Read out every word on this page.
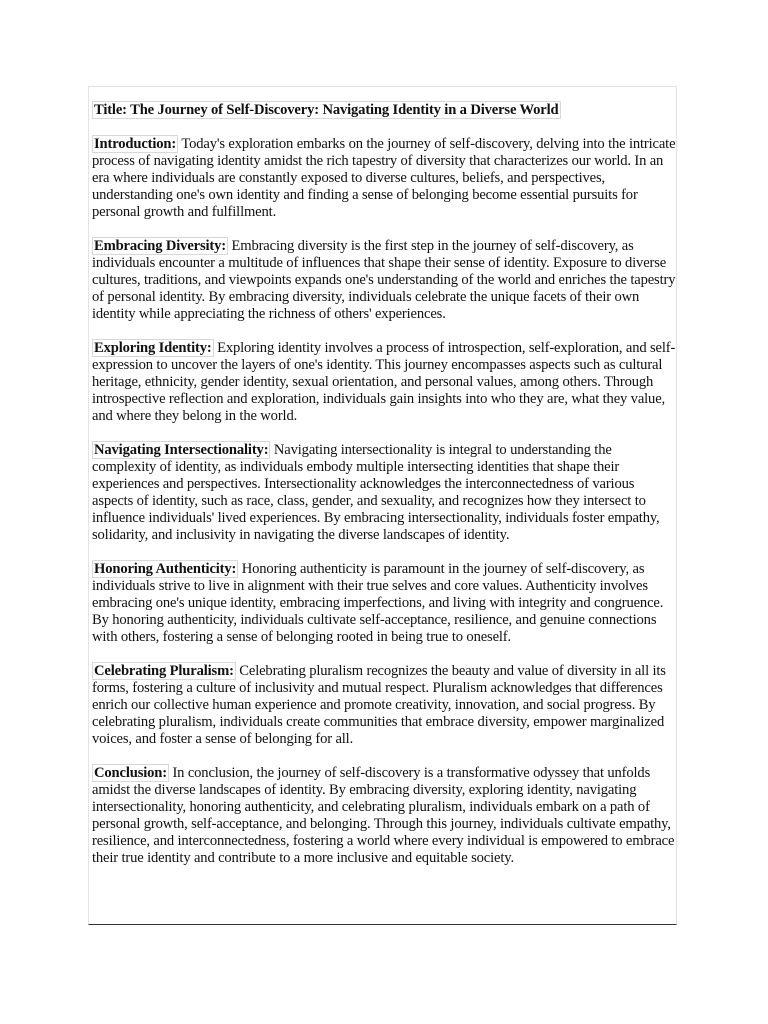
Title: The Journey of Self-Discovery: Navigating Identity in a Diverse World

Introduction: Today's exploration embarks on the journey of self-discovery, delving into the intricate process of navigating identity amidst the rich tapestry of diversity that characterizes our world. In an era where individuals are constantly exposed to diverse cultures, beliefs, and perspectives, understanding one's own identity and finding a sense of belonging become essential pursuits for personal growth and fulfillment.

Embracing Diversity: Embracing diversity is the first step in the journey of self-discovery, as individuals encounter a multitude of influences that shape their sense of identity. Exposure to diverse cultures, traditions, and viewpoints expands one's understanding of the world and enriches the tapestry of personal identity. By embracing diversity, individuals celebrate the unique facets of their own identity while appreciating the richness of others' experiences.

Exploring Identity: Exploring identity involves a process of introspection, self-exploration, and self-expression to uncover the layers of one's identity. This journey encompasses aspects such as cultural heritage, ethnicity, gender identity, sexual orientation, and personal values, among others. Through introspective reflection and exploration, individuals gain insights into who they are, what they value, and where they belong in the world.

Navigating Intersectionality: Navigating intersectionality is integral to understanding the complexity of identity, as individuals embody multiple intersecting identities that shape their experiences and perspectives. Intersectionality acknowledges the interconnectedness of various aspects of identity, such as race, class, gender, and sexuality, and recognizes how they intersect to influence individuals' lived experiences. By embracing intersectionality, individuals foster empathy, solidarity, and inclusivity in navigating the diverse landscapes of identity.

Honoring Authenticity: Honoring authenticity is paramount in the journey of self-discovery, as individuals strive to live in alignment with their true selves and core values. Authenticity involves embracing one's unique identity, embracing imperfections, and living with integrity and congruence. By honoring authenticity, individuals cultivate self-acceptance, resilience, and genuine connections with others, fostering a sense of belonging rooted in being true to oneself.

Celebrating Pluralism: Celebrating pluralism recognizes the beauty and value of diversity in all its forms, fostering a culture of inclusivity and mutual respect. Pluralism acknowledges that differences enrich our collective human experience and promote creativity, innovation, and social progress. By celebrating pluralism, individuals create communities that embrace diversity, empower marginalized voices, and foster a sense of belonging for all.

Conclusion: In conclusion, the journey of self-discovery is a transformative odyssey that unfolds amidst the diverse landscapes of identity. By embracing diversity, exploring identity, navigating intersectionality, honoring authenticity, and celebrating pluralism, individuals embark on a path of personal growth, self-acceptance, and belonging. Through this journey, individuals cultivate empathy, resilience, and interconnectedness, fostering a world where every individual is empowered to embrace their true identity and contribute to a more inclusive and equitable society.
